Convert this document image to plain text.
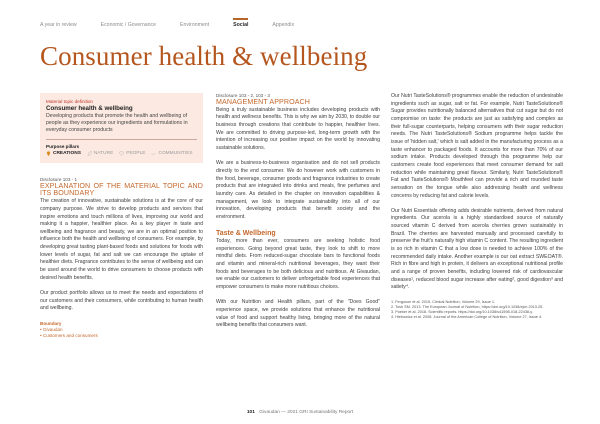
A year in review	Economic / Governance	Environment	Social	Appendix
Consumer health & wellbeing
Material topic definition
Consumer health & wellbeing
Developing products that promote the health and wellbeing of people as they experience our ingredients and formulations in everyday consumer products
Purpose pillars
CREATIONS	NATURE	PEOPLE	COMMUNITIES
Disclosure 103 - 1
EXPLANATION OF THE MATERIAL TOPIC AND ITS BOUNDARY

The creation of innovative, sustainable solutions is at the core of our company purpose. We strive to develop products and services that inspire emotions and touch millions of lives, improving our world and making it a happier, healthier place. As a key player in taste and wellbeing and fragrance and beauty, we are in an optimal position to influence both the health and wellbeing of consumers. For example, by developing great tasting plant-based foods and solutions for foods with lower levels of sugar, fat and salt we can encourage the uptake of healthier diets. Fragrance contributes to the sense of wellbeing and can be used around the world to drive consumers to choose products with desired health benefits.

Our product portfolio allows us to meet the needs and expectations of our customers and their consumers, while contributing to human health and wellbeing.

Boundary
• Givaudan
• Customers and consumers
Disclosure 103 - 2, 103 - 3
MANAGEMENT APPROACH

Being a truly sustainable business includes developing products with health and wellness benefits. This is why we aim by 2030, to double our business through creations that contribute to happier, healthier lives. We are committed to driving purpose-led, long-term growth with the intention of increasing our positive impact on the world by innovating sustainable solutions.

We are a business-to-business organisation and do not sell products directly to the end consumer. We do however work with customers in the food, beverage, consumer goods and fragrance industries to create products that are integrated into drinks and meals, fine perfumes and laundry care. As detailed in the chapter on innovation capabilities & management, we look to integrate sustainability into all of our innovation, developing products that benefit society and the environment.

Taste & Wellbeing

Today, more than ever, consumers are seeking holistic food experiences. Going beyond great taste, they look to shift to more mindful diets. From reduced-sugar chocolate bars to functional foods and vitamin and mineral-rich nutritional beverages, they want their foods and beverages to be both delicious and nutritious. At Givaudan, we enable our customers to deliver unforgettable food experiences that empower consumers to make more nutritious choices.

With our Nutrition and Health pillars, part of the "Does Good" experience space, we provide solutions that enhance the nutritional value of food and support healthy living, bringing more of the natural wellbeing benefits that consumers want.

Our Nutri TasteSolutions® programmes enable the reduction of undesirable ingredients such as sugar, salt or fat. For example, Nutri TasteSolutions® Sugar provides nutritionally balanced alternatives that cut sugar but do not compromise on taste: the products are just as satisfying and complex as their full-sugar counterparts, helping consumers with their sugar reduction needs. The Nutri TasteSolutions® Sodium programme helps tackle the issue of 'hidden salt,' which is salt added in the manufacturing process as a taste enhancer to packaged foods. It accounts for more than 70% of our sodium intake. Products developed through this programme help our customers create food experiences that meet consumer demand for salt reduction while maintaining great flavour. Similarly, Nutri TasteSolutions® Fat and TasteSolutions® Mouthfeel can provide a rich and rounded taste sensation on the tongue while also addressing health and wellness concerns by reducing fat and calorie levels.

Our Nutri Essentials offering adds desirable nutrients, derived from natural ingredients. Our acerola is a highly standardised source of naturally sourced vitamin C derived from acerola cherries grown sustainably in Brazil. The cherries are harvested manually and processed carefully to preserve the fruit's naturally high vitamin C content. The resulting ingredient is so rich in vitamin C that a low dose is needed to achieve 100% of the recommended daily intake. Another example is our oat extract SWEOAT®. Rich in fibre and high in protein, it delivers an exceptional nutritional profile and a range of proven benefits, including lowered risk of cardiovascular diseases¹, reduced blood sugar increase after eating², good digestion³ and satiety⁴.

1. Ferguson et al. 2015. Clinical Nutrition, Volume 29, Issue 1.
2. Tosh SM. 2013. The European Journal of Nutrition, https://doi.org/10.1038/ejcn.2013.25.
3. Poeker et al. 2018. Scientific reports. https://doi.org/10.1038/s41598-018-22438-y.
4. Hlebowicz et al. 2008. Journal of the American College of Nutrition, Volume 27, Issue 4.
101 Givaudan — 2021 GRI Sustainability Report
